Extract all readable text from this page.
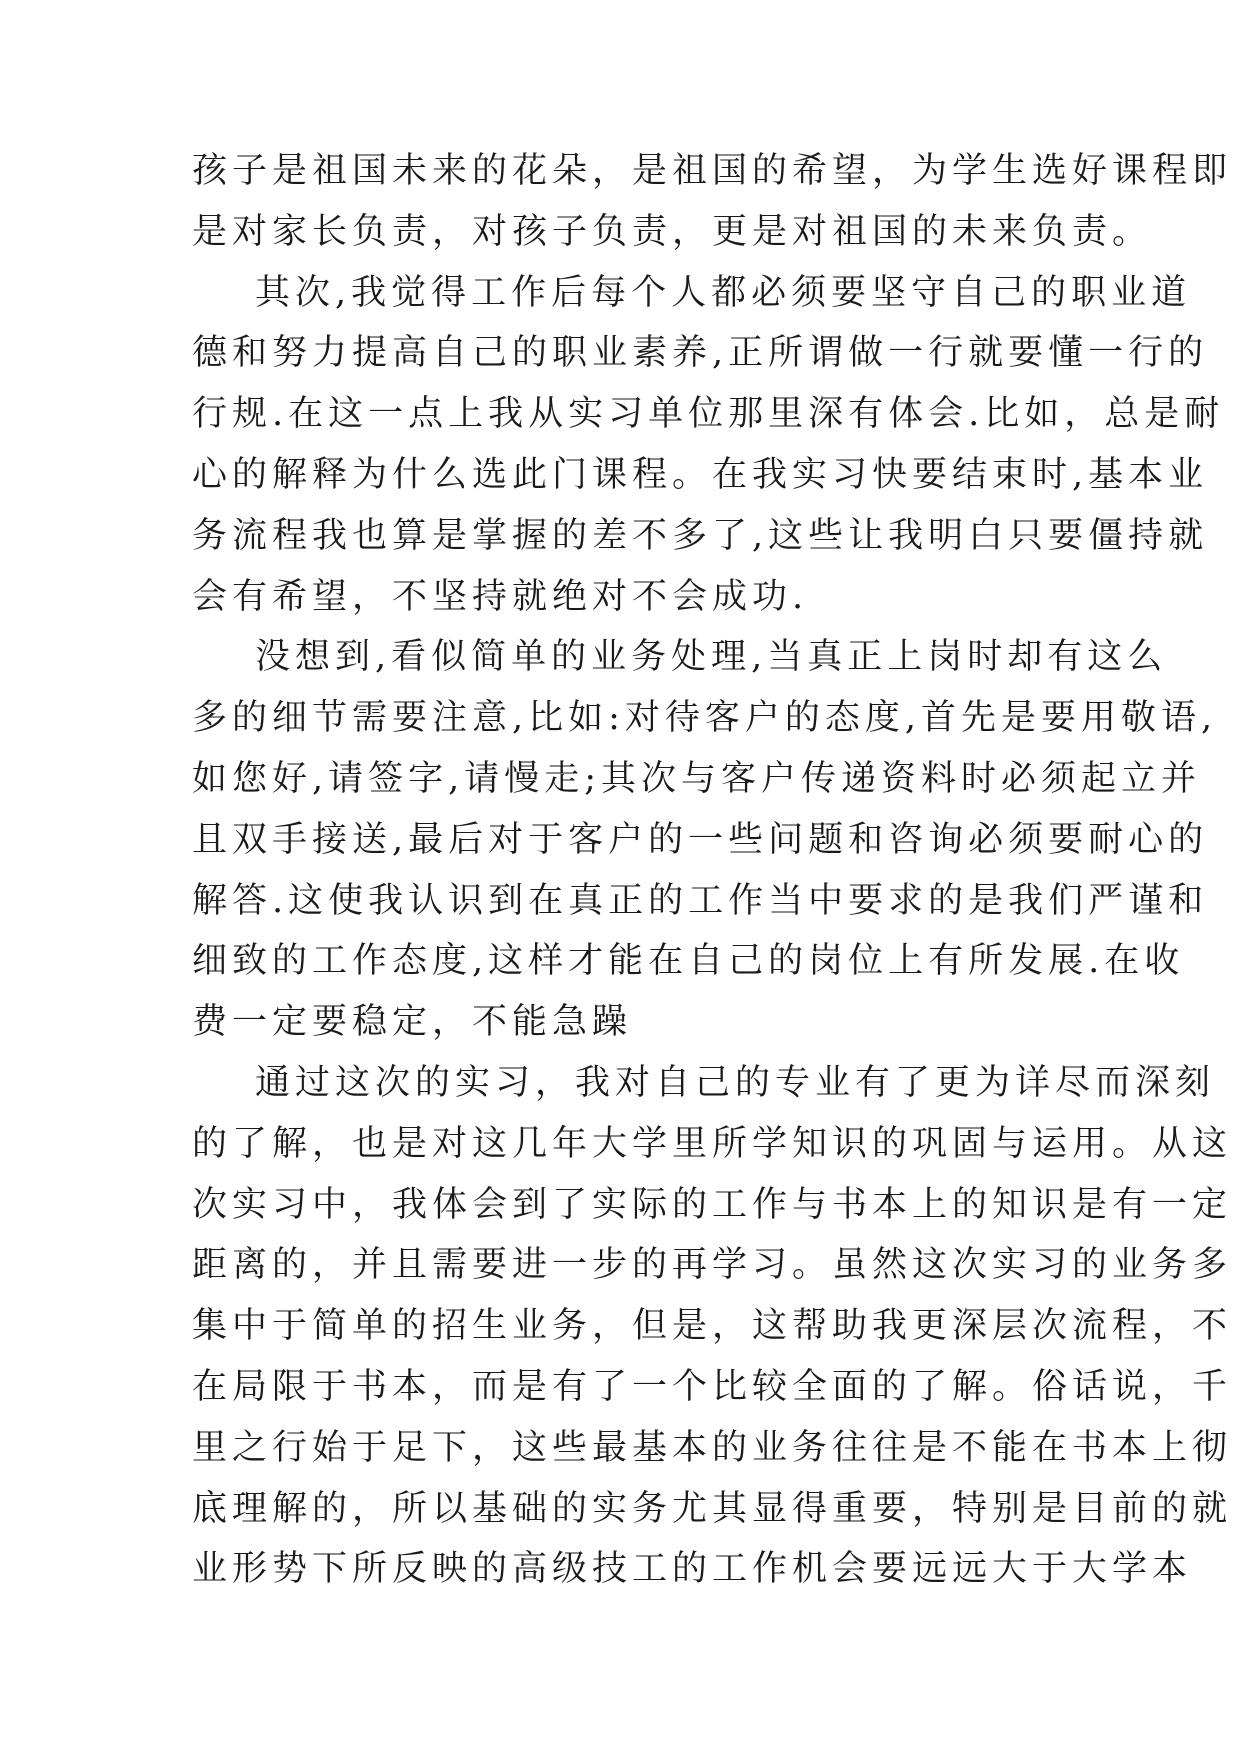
孩子是祖国未来的花朵，是祖国的希望，为学生选好课程即
是对家长负责，对孩子负责，更是对祖国的未来负责。
其次,我觉得工作后每个人都必须要坚守自己的职业道
德和努力提高自己的职业素养,正所谓做一行就要懂一行的
行规.在这一点上我从实习单位那里深有体会.比如，总是耐
心的解释为什么选此门课程。在我实习快要结束时,基本业
务流程我也算是掌握的差不多了,这些让我明白只要僵持就
会有希望，不坚持就绝对不会成功.
没想到,看似简单的业务处理,当真正上岗时却有这么
多的细节需要注意,比如:对待客户的态度,首先是要用敬语,
如您好,请签字,请慢走;其次与客户传递资料时必须起立并
且双手接送,最后对于客户的一些问题和咨询必须要耐心的
解答.这使我认识到在真正的工作当中要求的是我们严谨和
细致的工作态度,这样才能在自己的岗位上有所发展.在收
费一定要稳定，不能急躁
通过这次的实习，我对自己的专业有了更为详尽而深刻
的了解，也是对这几年大学里所学知识的巩固与运用。从这
次实习中，我体会到了实际的工作与书本上的知识是有一定
距离的，并且需要进一步的再学习。虽然这次实习的业务多
集中于简单的招生业务，但是，这帮助我更深层次流程，不
在局限于书本，而是有了一个比较全面的了解。俗话说，千
里之行始于足下，这些最基本的业务往往是不能在书本上彻
底理解的，所以基础的实务尤其显得重要，特别是目前的就
业形势下所反映的高级技工的工作机会要远远大于大学本
